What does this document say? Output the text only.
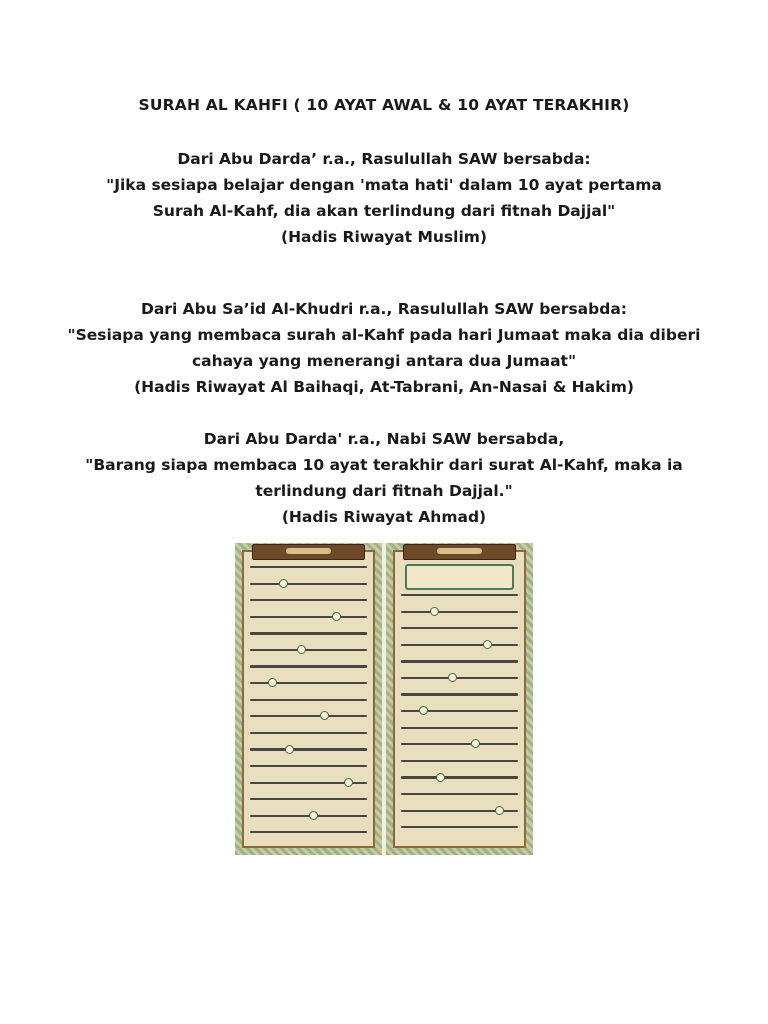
SURAH AL KAHFI ( 10 AYAT AWAL & 10 AYAT TERAKHIR)
Dari Abu Darda’ r.a., Rasulullah SAW bersabda:
"Jika sesiapa belajar dengan 'mata hati' dalam 10 ayat pertama Surah Al-Kahf, dia akan terlindung dari fitnah Dajjal"
(Hadis Riwayat Muslim)
Dari Abu Sa’id Al-Khudri r.a., Rasulullah SAW bersabda:
"Sesiapa yang membaca surah al-Kahf pada hari Jumaat maka dia diberi cahaya yang menerangi antara dua Jumaat"
(Hadis Riwayat Al Baihaqi, At-Tabrani, An-Nasai & Hakim)
Dari Abu Darda' r.a., Nabi SAW bersabda,
"Barang siapa membaca 10 ayat terakhir dari surat Al-Kahf, maka ia terlindung dari fitnah Dajjal."
(Hadis Riwayat Ahmad)
